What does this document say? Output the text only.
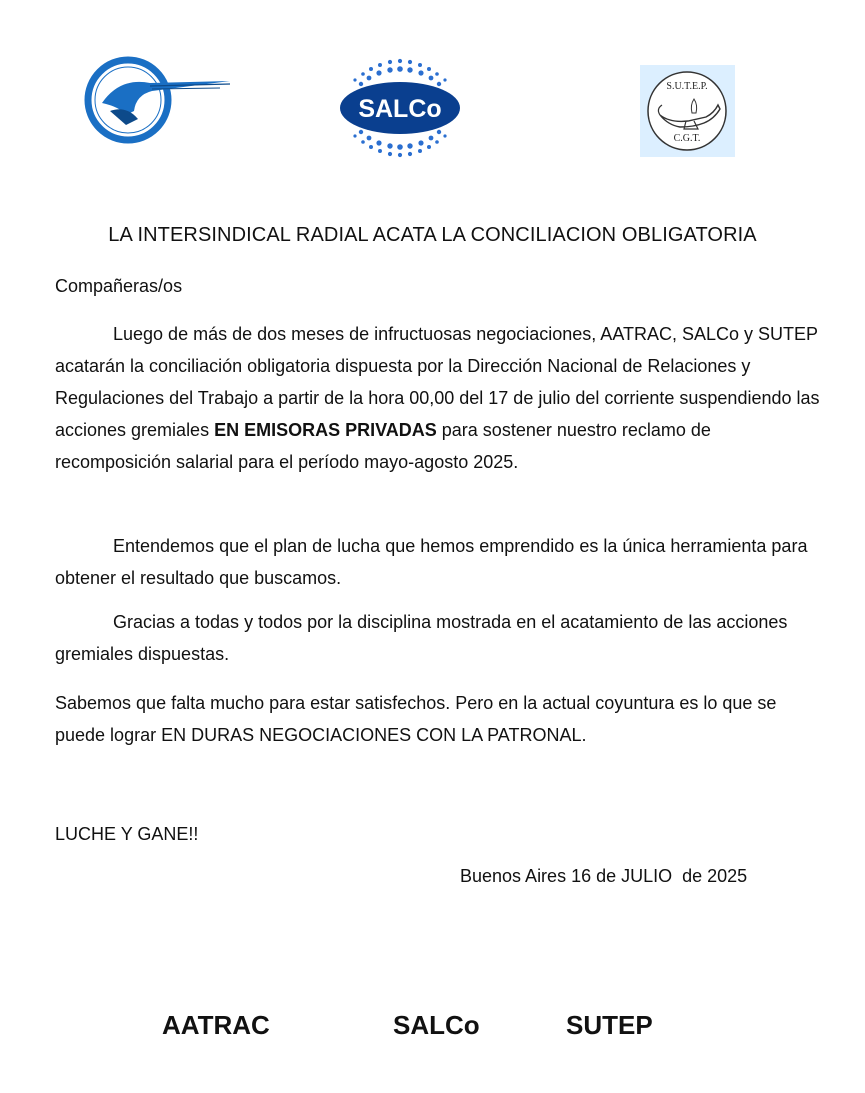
SALCo
S.U.T.E.P.
C.G.T.
LA INTERSINDICAL RADIAL ACATA LA CONCILIACION OBLIGATORIA
Compañeras/os
Luego de más de dos meses de infructuosas negociaciones, AATRAC, SALCo y SUTEP acatarán la conciliación obligatoria dispuesta por la Dirección Nacional de Relaciones y Regulaciones del Trabajo a partir de la hora 00,00 del 17 de julio del corriente suspendiendo las acciones gremiales EN EMISORAS PRIVADAS para sostener nuestro reclamo de recomposición salarial para el período mayo-agosto 2025.
Entendemos que el plan de lucha que hemos emprendido es la única herramienta para obtener el resultado que buscamos.
Gracias a todas y todos por la disciplina mostrada en el acatamiento de las acciones gremiales dispuestas.
Sabemos que falta mucho para estar satisfechos. Pero en la actual coyuntura es lo que se puede lograr EN DURAS NEGOCIACIONES CON LA PATRONAL.
LUCHE Y GANE!!
Buenos Aires 16 de JULIO  de 2025
AATRAC	SALCo	SUTEP
